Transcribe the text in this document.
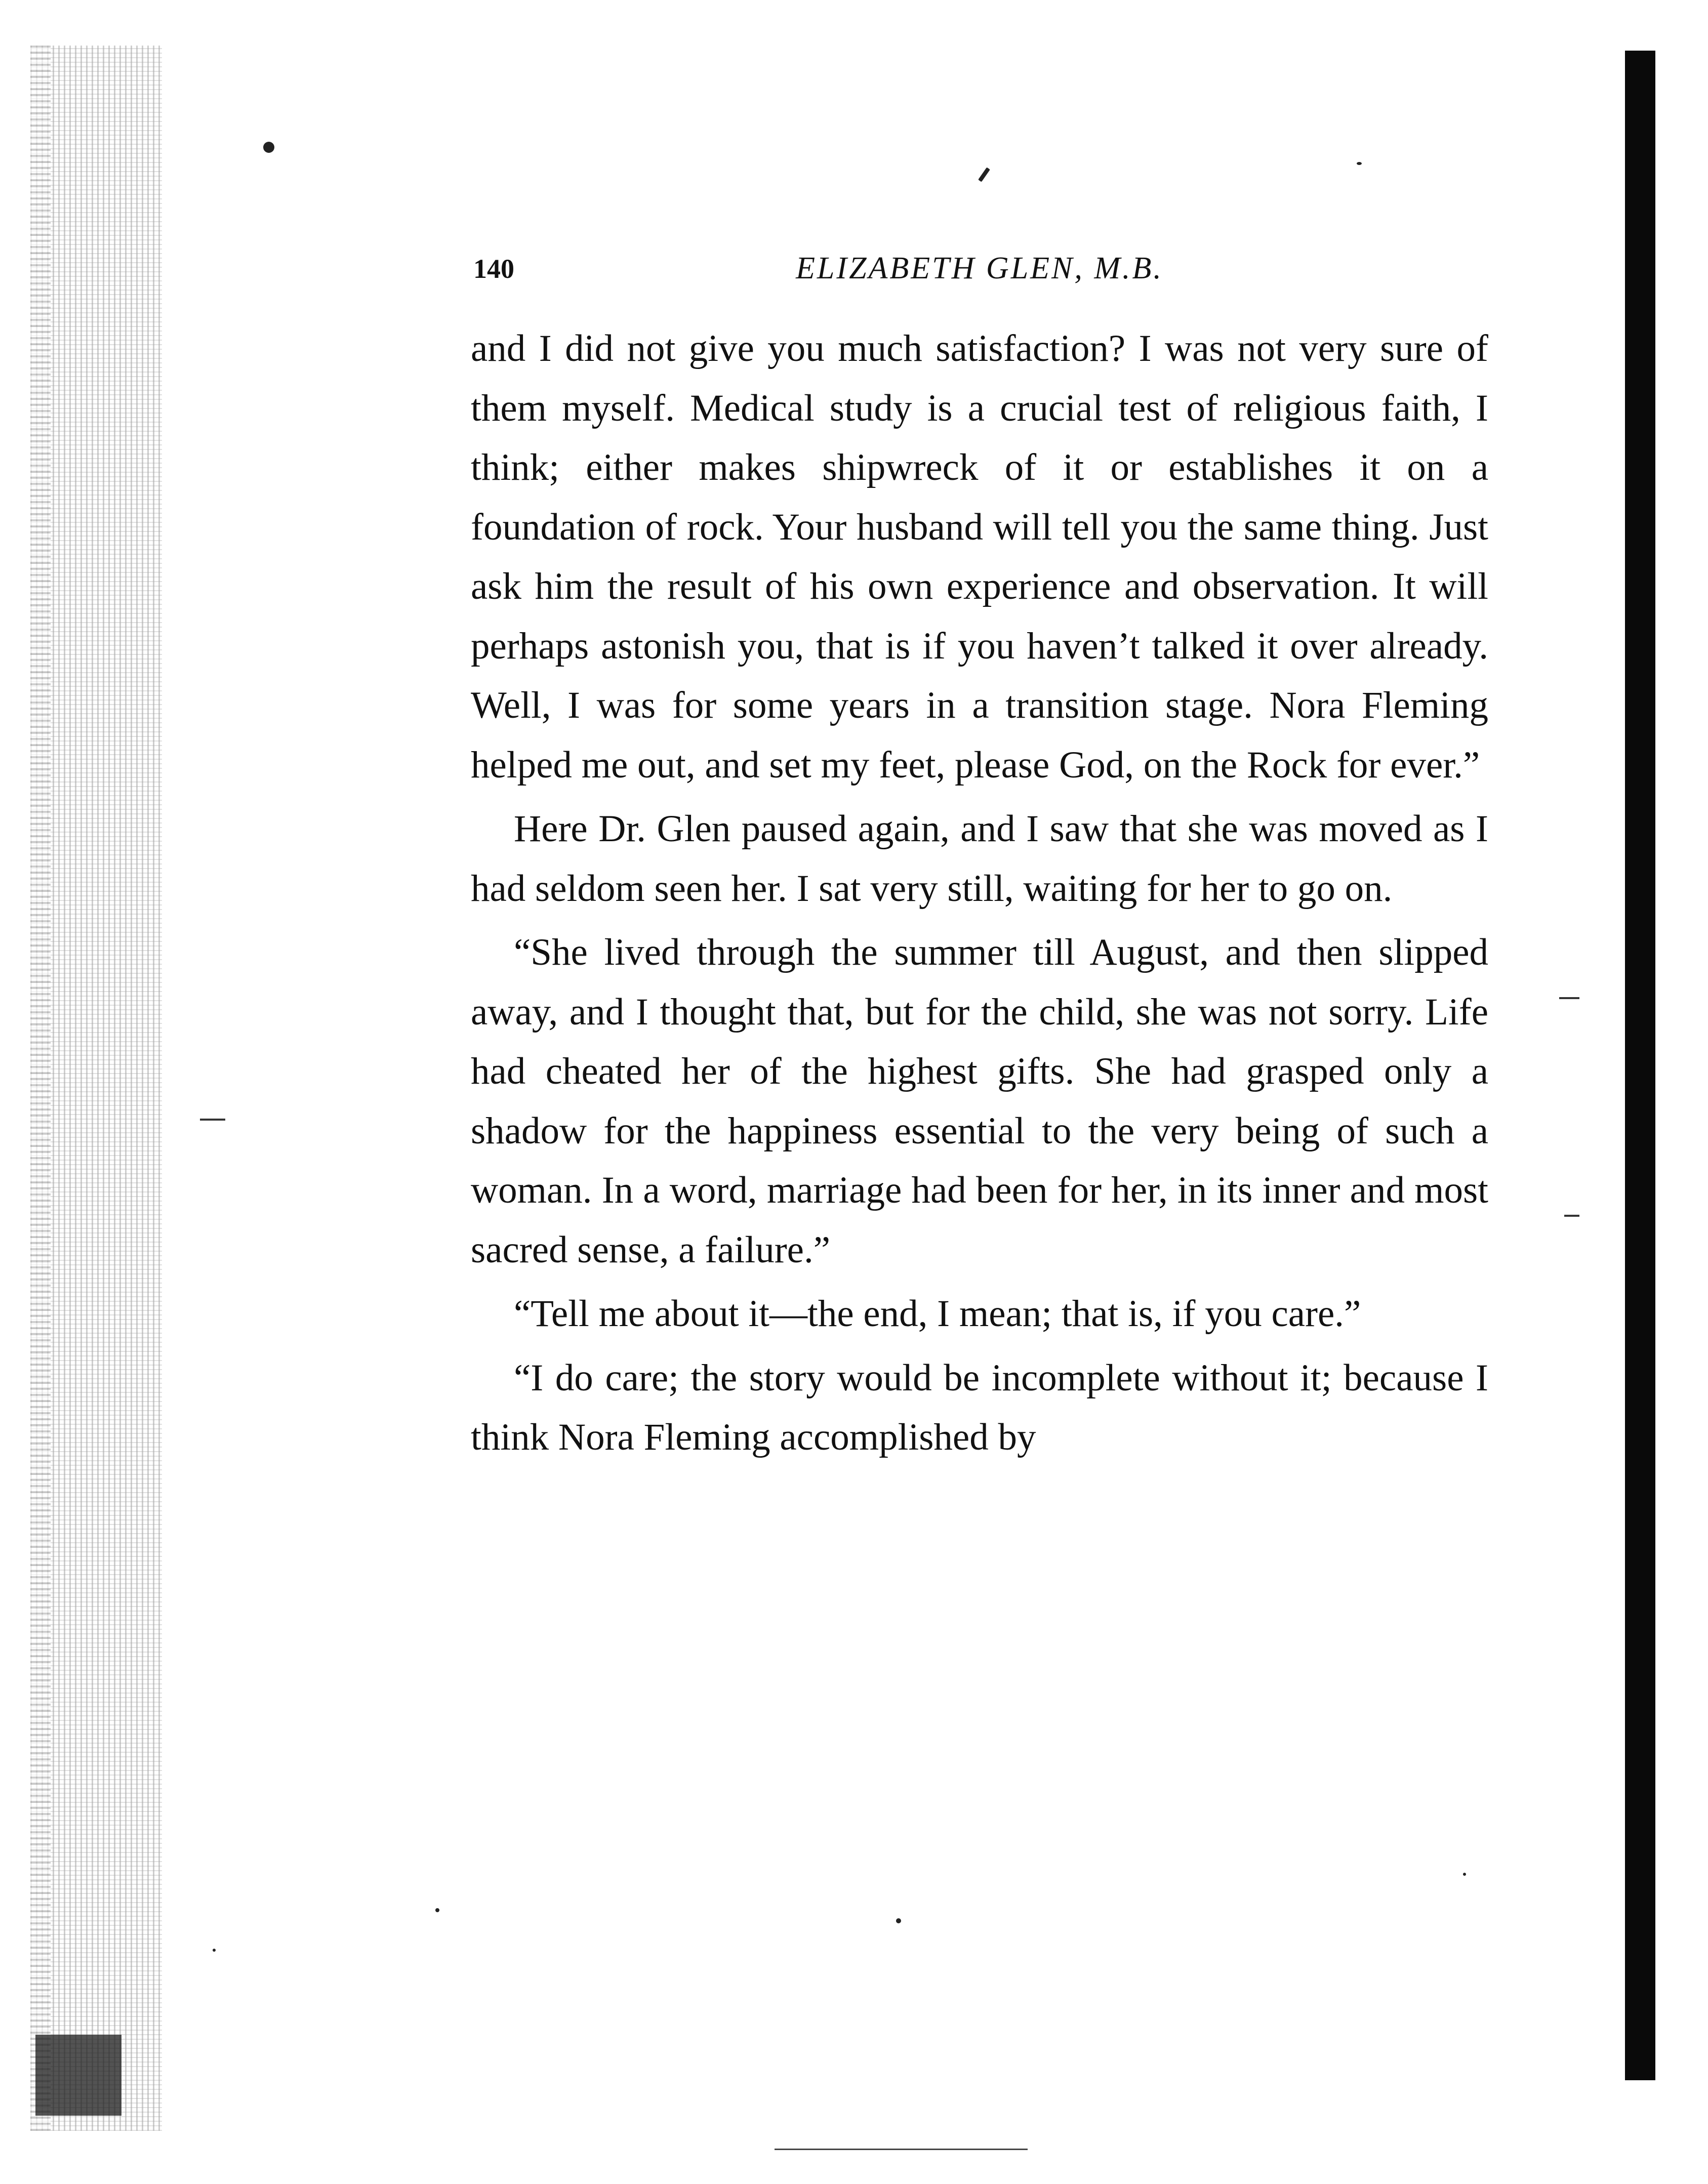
140	ELIZABETH GLEN, M.B.

and I did not give you much satisfaction? I was not very sure of them myself. Medical study is a crucial test of religious faith, I think; either makes shipwreck of it or establishes it on a foundation of rock. Your husband will tell you the same thing. Just ask him the result of his own experience and observation. It will perhaps astonish you, that is if you haven’t talked it over already. Well, I was for some years in a transition stage. Nora Fleming helped me out, and set my feet, please God, on the Rock for ever.”

Here Dr. Glen paused again, and I saw that she was moved as I had seldom seen her. I sat very still, waiting for her to go on.

“She lived through the summer till August, and then slipped away, and I thought that, but for the child, she was not sorry. Life had cheated her of the highest gifts. She had grasped only a shadow for the happiness essential to the very being of such a woman. In a word, marriage had been for her, in its inner and most sacred sense, a failure.”

“Tell me about it—the end, I mean; that is, if you care.”

“I do care; the story would be incomplete without it; because I think Nora Fleming accomplished by
